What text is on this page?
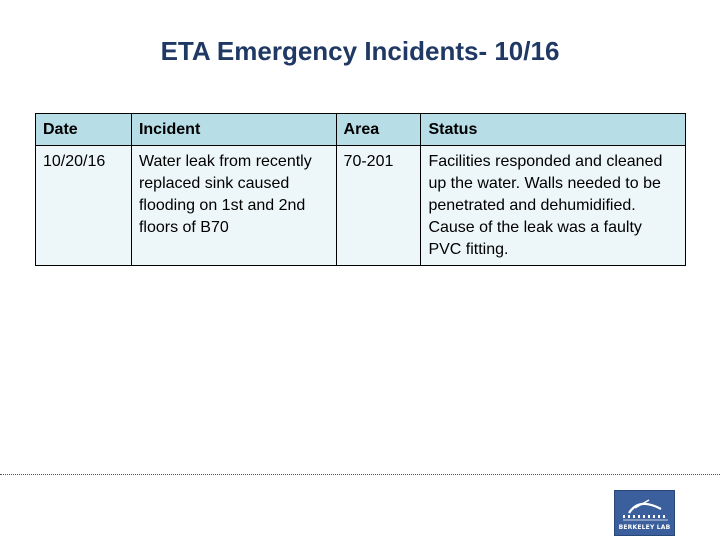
ETA Emergency Incidents- 10/16
Date	Incident	Area	Status
10/20/16	Water leak from recently replaced sink caused flooding on 1st and 2nd floors of B70	70-201	Facilities responded and cleaned up the water. Walls needed to be penetrated and dehumidified. Cause of the leak was a faulty PVC fitting.
BERKELEY LAB
